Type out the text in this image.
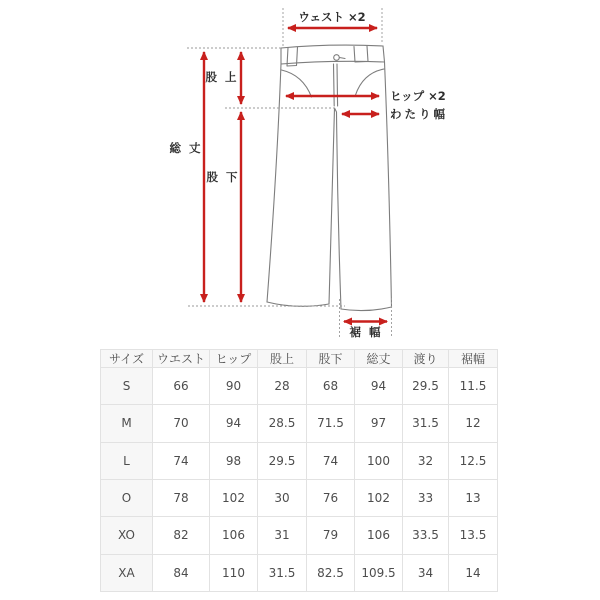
ウェスト ×2
股 上
総 丈
股 下
ヒップ ×2
わたり幅
裾 幅
サイズ	ウエスト	ヒップ	股上	股下	総丈	渡り	裾幅
S	66	90	28	68	94	29.5	11.5
M	70	94	28.5	71.5	97	31.5	12
L	74	98	29.5	74	100	32	12.5
O	78	102	30	76	102	33	13
XO	82	106	31	79	106	33.5	13.5
XA	84	110	31.5	82.5	109.5	34	14
